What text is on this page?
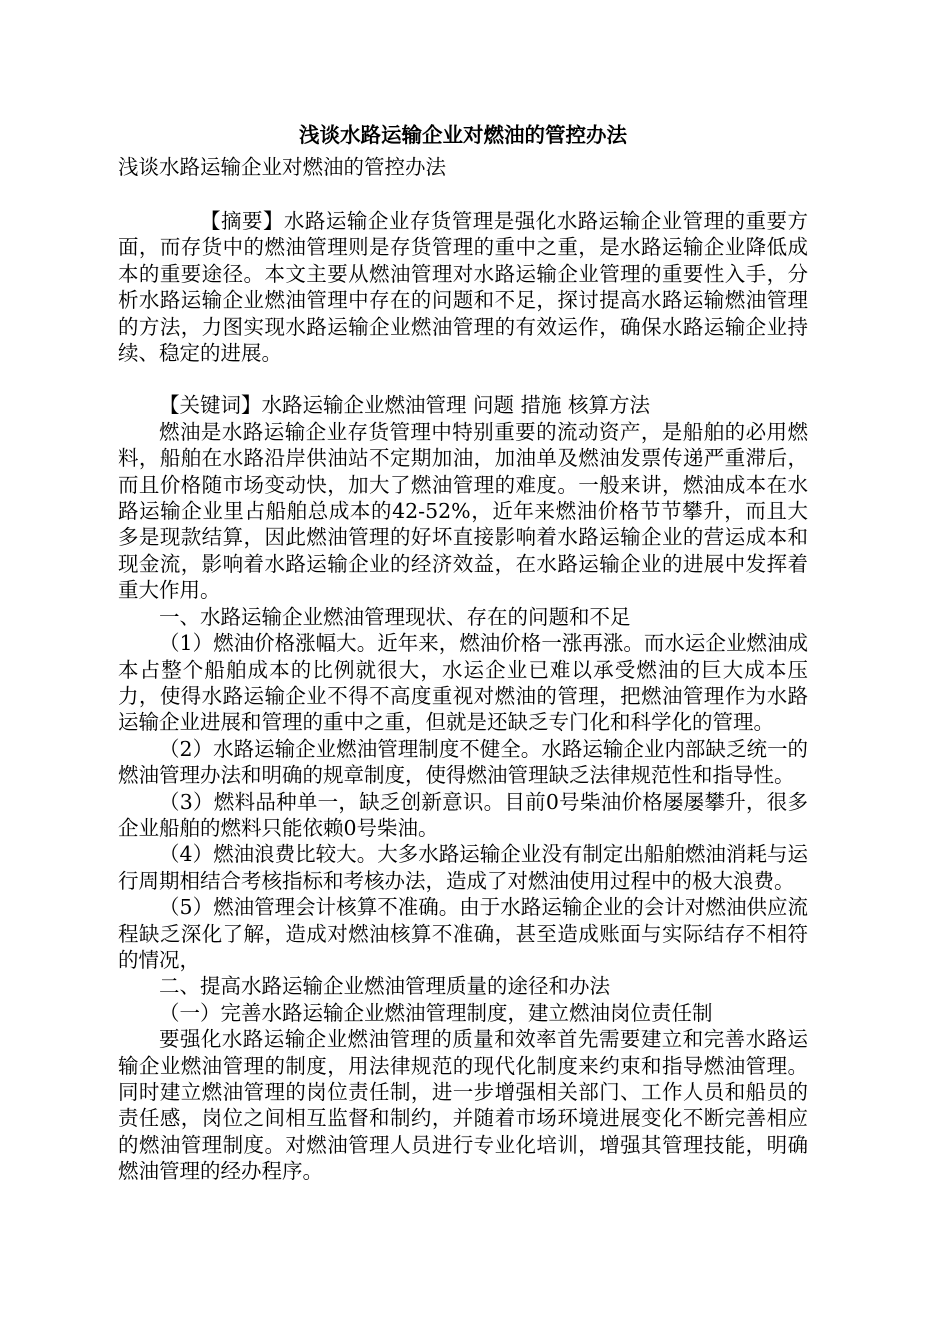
浅谈水路运输企业对燃油的管控办法

浅谈水路运输企业对燃油的管控办法

【摘要】水路运输企业存货管理是强化水路运输企业管理的重要方面，而存货中的燃油管理则是存货管理的重中之重，是水路运输企业降低成本的重要途径。本文主要从燃油管理对水路运输企业管理的重要性入手，分析水路运输企业燃油管理中存在的问题和不足，探讨提高水路运输燃油管理的方法，力图实现水路运输企业燃油管理的有效运作，确保水路运输企业持续、稳定的进展。

【关键词】水路运输企业燃油管理 问题 措施 核算方法

燃油是水路运输企业存货管理中特别重要的流动资产，是船舶的必用燃料，船舶在水路沿岸供油站不定期加油，加油单及燃油发票传递严重滞后，而且价格随市场变动快，加大了燃油管理的难度。一般来讲，燃油成本在水路运输企业里占船舶总成本的42-52%，近年来燃油价格节节攀升，而且大多是现款结算，因此燃油管理的好坏直接影响着水路运输企业的营运成本和现金流，影响着水路运输企业的经济效益，在水路运输企业的进展中发挥着重大作用。

一、水路运输企业燃油管理现状、存在的问题和不足

（1）燃油价格涨幅大。近年来，燃油价格一涨再涨。而水运企业燃油成本占整个船舶成本的比例就很大，水运企业已难以承受燃油的巨大成本压力，使得水路运输企业不得不高度重视对燃油的管理，把燃油管理作为水路运输企业进展和管理的重中之重，但就是还缺乏专门化和科学化的管理。

（2）水路运输企业燃油管理制度不健全。水路运输企业内部缺乏统一的燃油管理办法和明确的规章制度，使得燃油管理缺乏法律规范性和指导性。

（3）燃料品种单一，缺乏创新意识。目前0号柴油价格屡屡攀升，很多企业船舶的燃料只能依赖0号柴油。

（4）燃油浪费比较大。大多水路运输企业没有制定出船舶燃油消耗与运行周期相结合考核指标和考核办法，造成了对燃油使用过程中的极大浪费。

（5）燃油管理会计核算不准确。由于水路运输企业的会计对燃油供应流程缺乏深化了解，造成对燃油核算不准确，甚至造成账面与实际结存不相符的情况，

二、提高水路运输企业燃油管理质量的途径和办法

（一）完善水路运输企业燃油管理制度，建立燃油岗位责任制

要强化水路运输企业燃油管理的质量和效率首先需要建立和完善水路运输企业燃油管理的制度，用法律规范的现代化制度来约束和指导燃油管理。同时建立燃油管理的岗位责任制，进一步增强相关部门、工作人员和船员的责任感，岗位之间相互监督和制约，并随着市场环境进展变化不断完善相应的燃油管理制度。对燃油管理人员进行专业化培训，增强其管理技能，明确燃油管理的经办程序。
